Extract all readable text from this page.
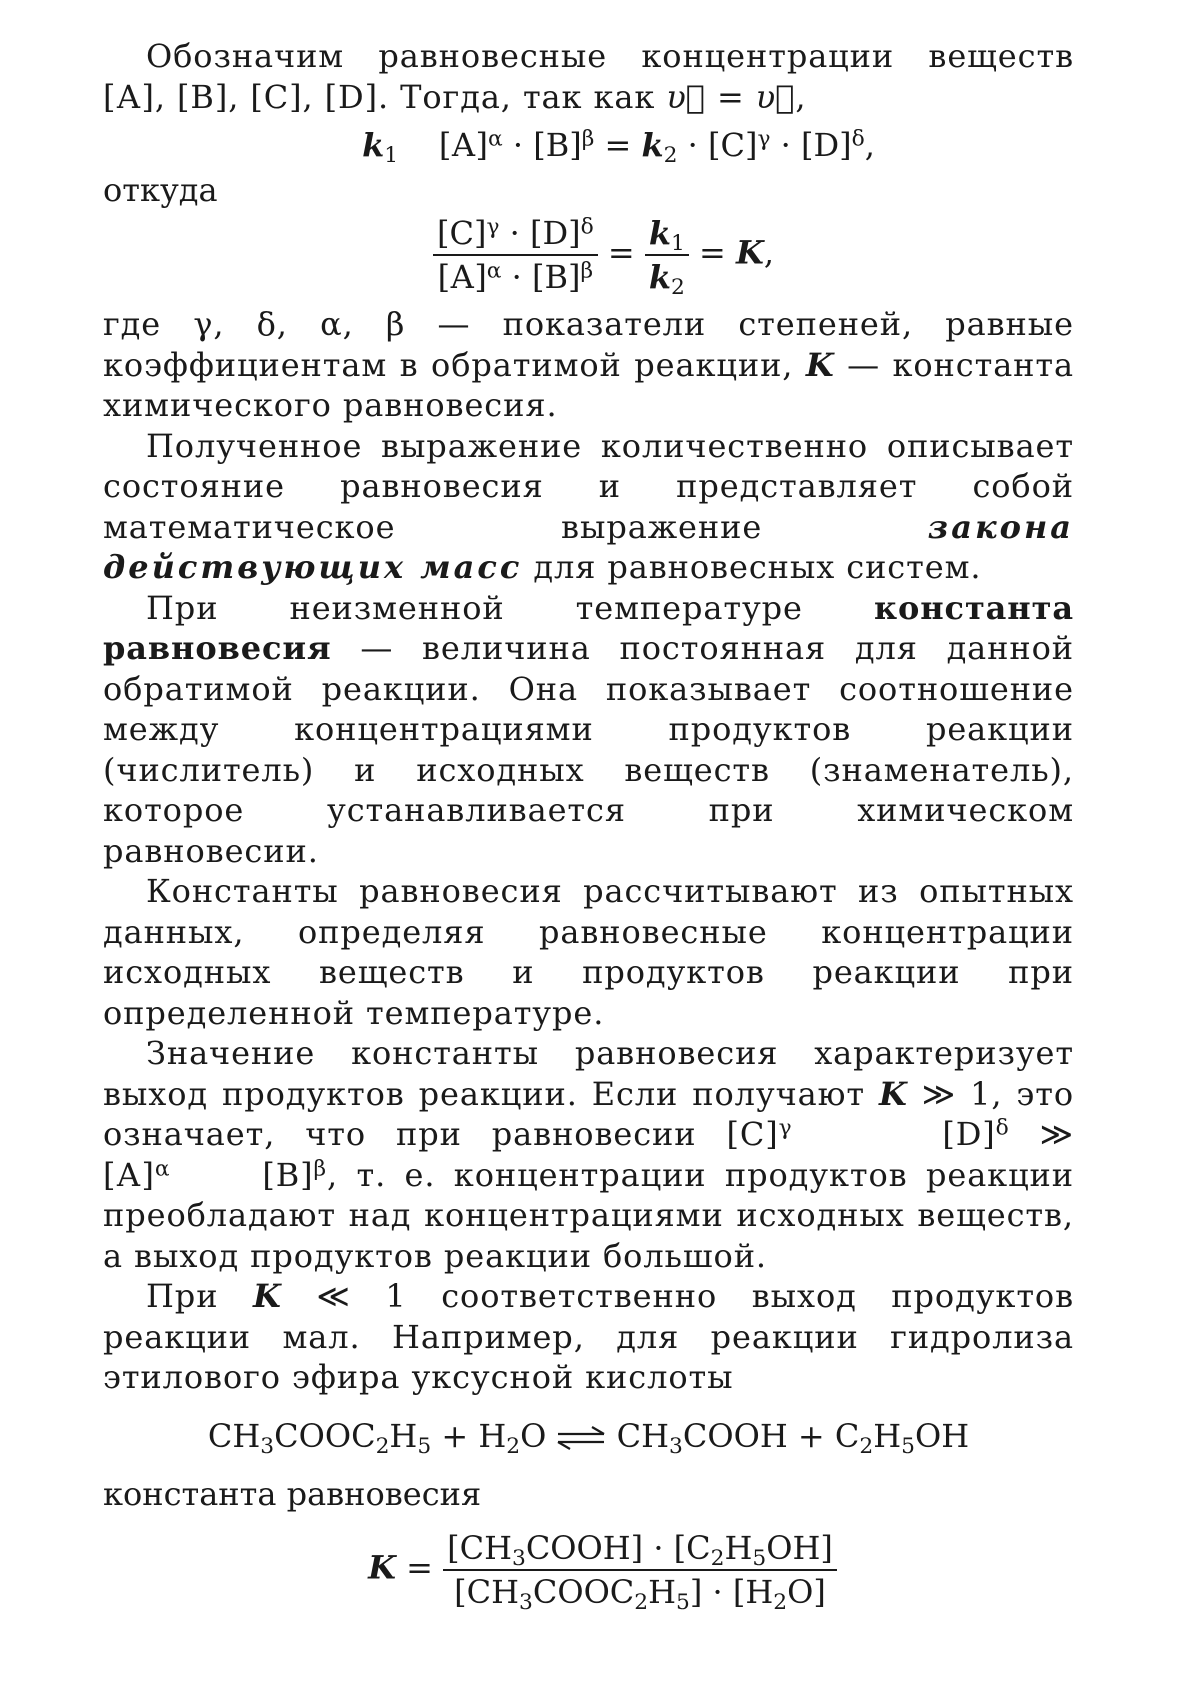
Обозначим равновесные концентрации веществ [А], [В], [С], [D]. Тогда, так как υ⃗ = υ⃖,

$k_1$ $[А]^\alpha \cdot [В]^\beta = k_2 \cdot [С]^\gamma \cdot [D]^\delta$,

откуда

$\frac{[С]^\gamma \cdot [D]^\delta}{[А]^\alpha \cdot [В]^\beta} = \frac{k_1}{k_2} = K$,

где γ, δ, α, β — показатели степеней, равные коэффициентам в обратимой реакции, K — константа химического равновесия.

Полученное выражение количественно описывает состояние равновесия и представляет собой математическое выражение закона действующих масс для равновесных систем.

При неизменной температуре константа равновесия — величина постоянная для данной обратимой реакции. Она показывает соотношение между концентрациями продуктов реакции (числитель) и исходных веществ (знаменатель), которое устанавливается при химическом равновесии.

Константы равновесия рассчитывают из опытных данных, определяя равновесные концентрации исходных веществ и продуктов реакции при определенной температуре.

Значение константы равновесия характеризует выход продуктов реакции. Если получают K ≫ 1, это означает, что при равновесии $[С]^\gamma$	$[D]^\delta$ ≫ $[А]^\alpha$	$[В]^\beta$, т. е. концентрации продуктов реакции преобладают над концентрациями исходных веществ, а выход продуктов реакции большой.

При K ≪ 1 соответственно выход продуктов реакции мал. Например, для реакции гидролиза этилового эфира уксусной кислоты

$CH_3COOC_2H_5 + H_2O$ ⇌ $CH_3COOH + C_2H_5OH$

константа равновесия

$K = \frac{[CH_3COOH] \cdot [C_2H_5OH]}{[CH_3COOC_2H_5] \cdot [H_2O]}$
